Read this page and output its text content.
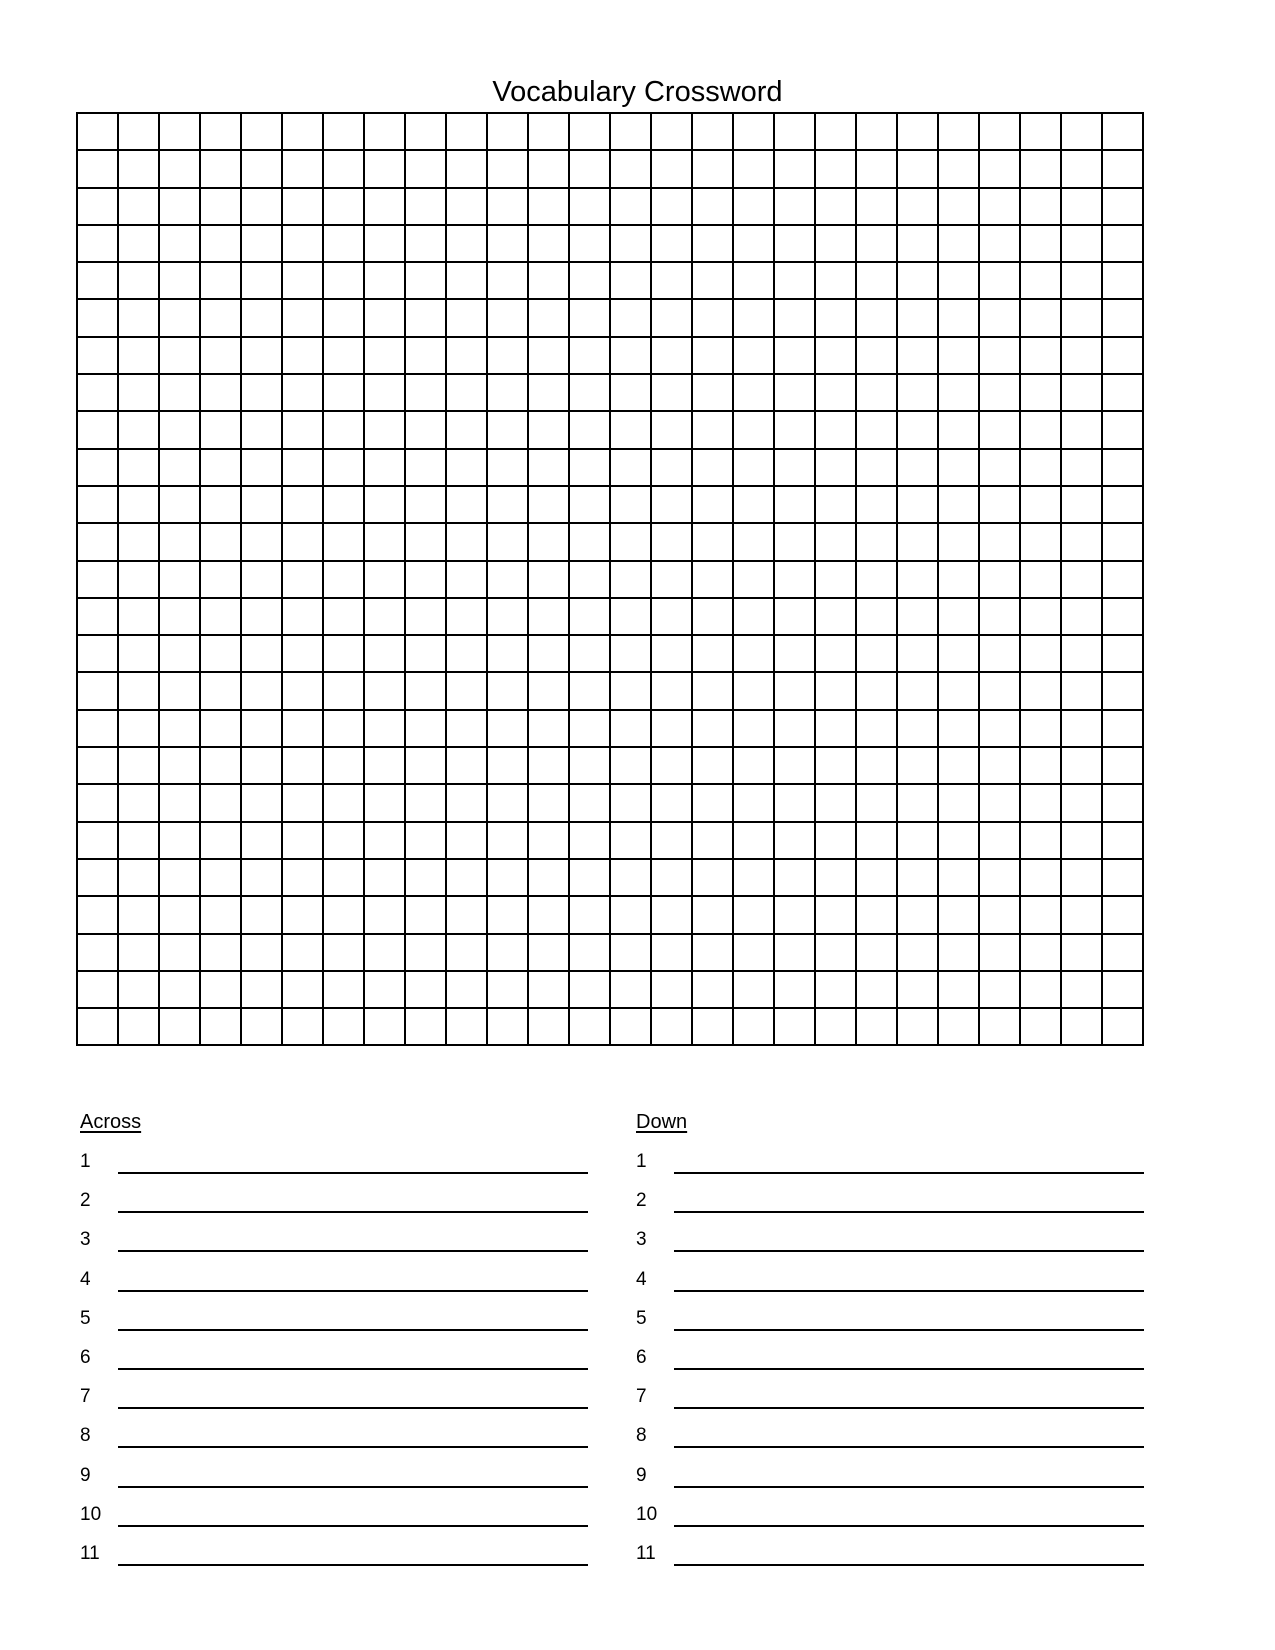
Vocabulary Crossword

Across	Down
1
2
3
4
5
6
7
8
9
10
11
1
2
3
4
5
6
7
8
9
10
11
